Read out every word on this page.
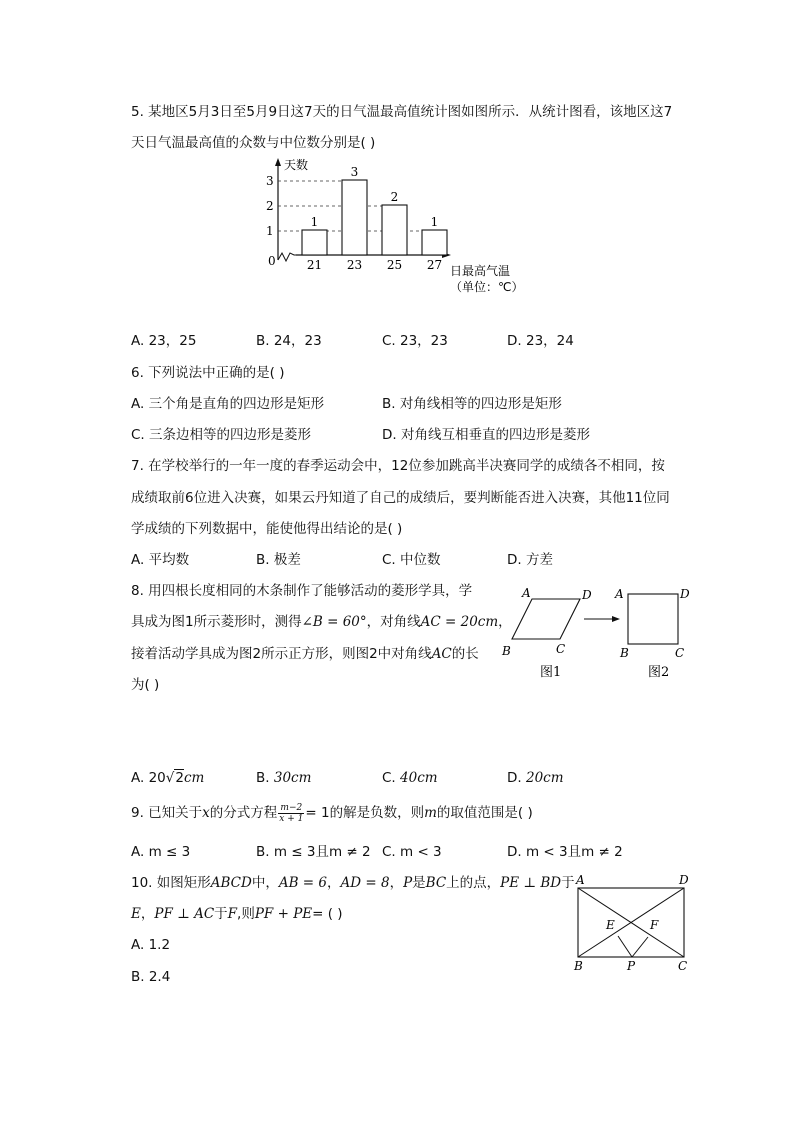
5. 某地区5月3日至5月9日这7天的日气温最高值统计图如图所示．从统计图看，该地区这7
天日气温最高值的众数与中位数分别是( )
3
2
1
0
天数
1
21
3
23
2
25
1
27 日最高气温
（单位：℃）
A. 23，25	B. 24，23	C. 23，23	D. 23，24
6. 下列说法中正确的是( )
A. 三个角是直角的四边形是矩形	B. 对角线相等的四边形是矩形
C. 三条边相等的四边形是菱形	D. 对角线互相垂直的四边形是菱形
7. 在学校举行的一年一度的春季运动会中，12位参加跳高半决赛同学的成绩各不相同，按
成绩取前6位进入决赛，如果云丹知道了自己的成绩后，要判断能否进入决赛，其他11位同
学成绩的下列数据中，能使他得出结论的是( )
A. 平均数	B. 极差	C. 中位数	D. 方差
8. 用四根长度相同的木条制作了能够活动的菱形学具，学
具成为图1所示菱形时，测得∠B = 60°，对角线AC = 20cm，
接着活动学具成为图2所示正方形，则图2中对角线AC的长
为( )
A	D
B	C
A	D
B	C
图1	图2
A. 20√2cm	B. 30cm	C. 40cm	D. 20cm
9. 已知关于x的分式方程 $\frac{m-2}{x + 1} = 1$的解是负数，则m的取值范围是( )
A. m ≤ 3	B. m ≤ 3且m ≠ 2 C. m < 3	D. m < 3且m ≠ 2
10. 如图矩形ABCD中，AB = 6，AD = 8，P是BC上的点，PE ⊥ BD于
E，PF ⊥ AC于F,则PF + PE= ( )
A. 1.2
B. 2.4
A	D
B	C
P
E	F
